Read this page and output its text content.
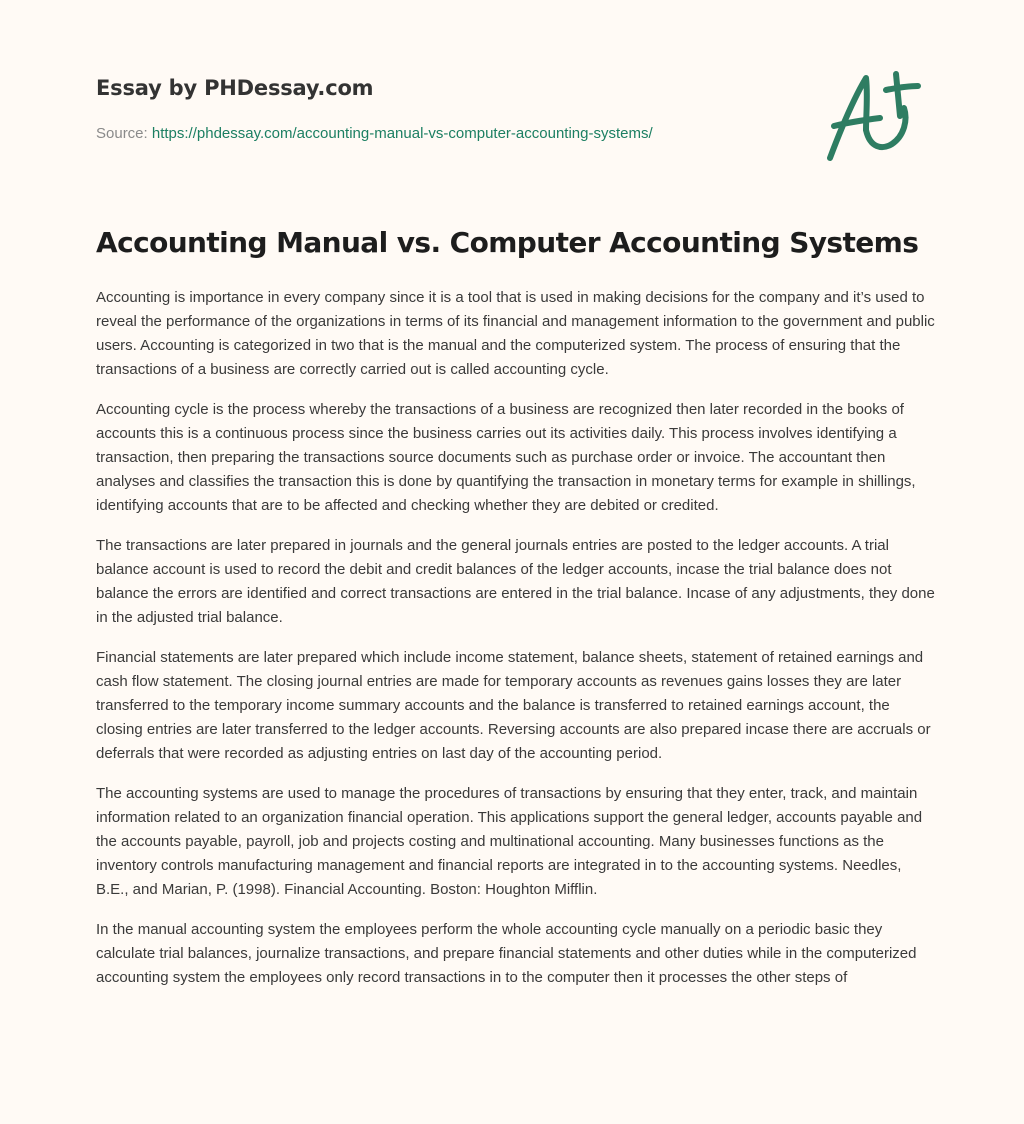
Essay by PHDessay.com
Source: https://phdessay.com/accounting-manual-vs-computer-accounting-systems/
Accounting Manual vs. Computer Accounting Systems

Accounting is importance in every company since it is a tool that is used in making decisions for the company and it’s used to reveal the performance of the organizations in terms of its financial and management information to the government and public users. Accounting is categorized in two that is the manual and the computerized system. The process of ensuring that the transactions of a business are correctly carried out is called accounting cycle.

Accounting cycle is the process whereby the transactions of a business are recognized then later recorded in the books of accounts this is a continuous process since the business carries out its activities daily. This process involves identifying a transaction, then preparing the transactions source documents such as purchase order or invoice. The accountant then analyses and classifies the transaction this is done by quantifying the transaction in monetary terms for example in shillings, identifying accounts that are to be affected and checking whether they are debited or credited.

The transactions are later prepared in journals and the general journals entries are posted to the ledger accounts. A trial balance account is used to record the debit and credit balances of the ledger accounts, incase the trial balance does not balance the errors are identified and correct transactions are entered in the trial balance. Incase of any adjustments, they done in the adjusted trial balance.

Financial statements are later prepared which include income statement, balance sheets, statement of retained earnings and cash flow statement. The closing journal entries are made for temporary accounts as revenues gains losses they are later transferred to the temporary income summary accounts and the balance is transferred to retained earnings account, the closing entries are later transferred to the ledger accounts. Reversing accounts are also prepared incase there are accruals or deferrals that were recorded as adjusting entries on last day of the accounting period.

The accounting systems are used to manage the procedures of transactions by ensuring that they enter, track, and maintain information related to an organization financial operation. This applications support the general ledger, accounts payable and the accounts payable, payroll, job and projects costing and multinational accounting. Many businesses functions as the inventory controls manufacturing management and financial reports are integrated in to the accounting systems. Needles, B.E., and Marian, P. (1998). Financial Accounting. Boston: Houghton Mifflin.

In the manual accounting system the employees perform the whole accounting cycle manually on a periodic basic they calculate trial balances, journalize transactions, and prepare financial statements and other duties while in the computerized accounting system the employees only record transactions in to the computer then it processes the other steps of
